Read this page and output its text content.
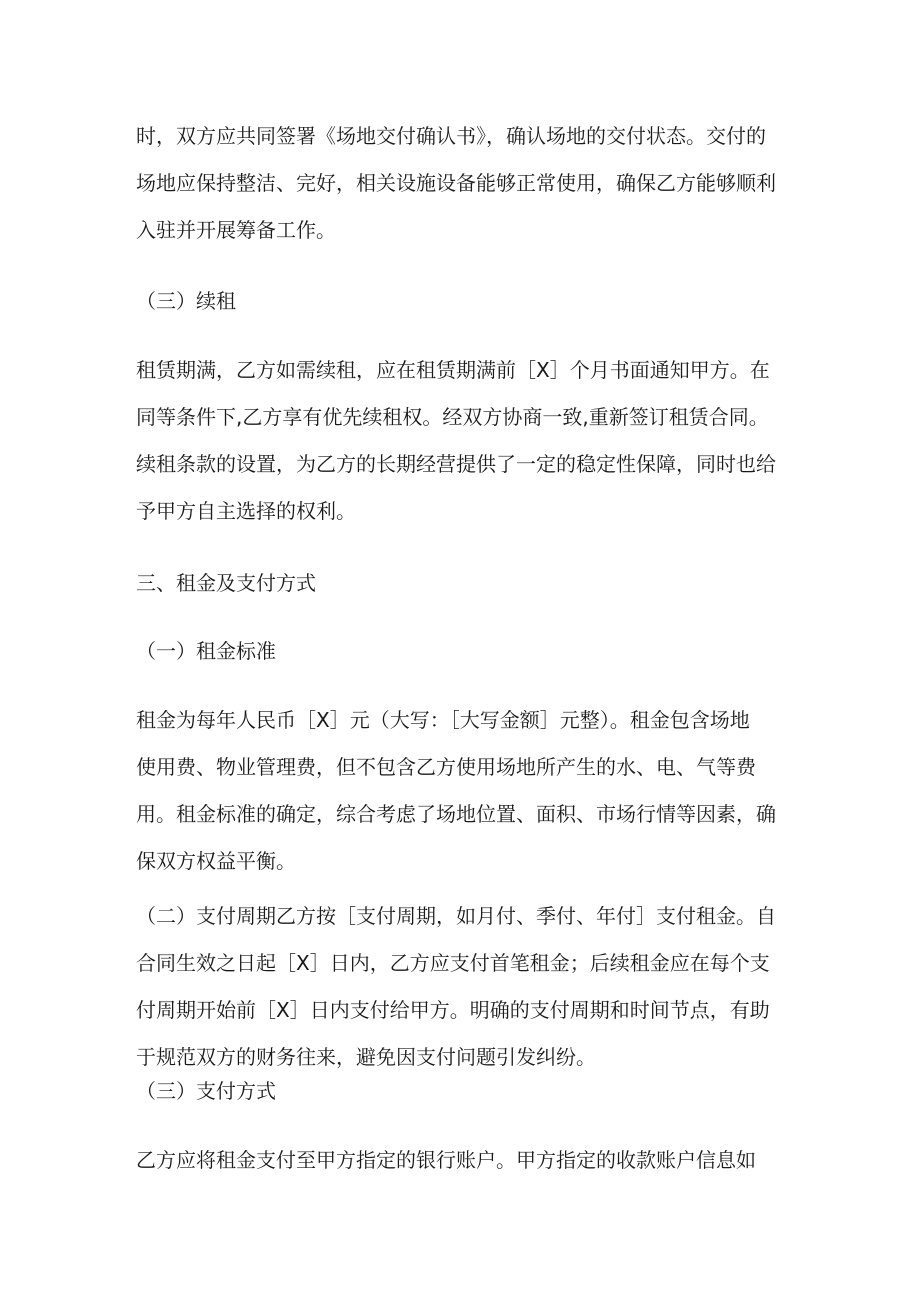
时，双方应共同签署《场地交付确认书》，确认场地的交付状态。交付的
场地应保持整洁、完好，相关设施设备能够正常使用，确保乙方能够顺利
入驻并开展筹备工作。
（三）续租
租赁期满，乙方如需续租，应在租赁期满前［X］个月书面通知甲方。在
同等条件下,乙方享有优先续租权。经双方协商一致,重新签订租赁合同。
续租条款的设置，为乙方的长期经营提供了一定的稳定性保障，同时也给
予甲方自主选择的权利。
三、租金及支付方式
（一）租金标准
租金为每年人民币［X］元（大写：［大写金额］元整）。租金包含场地
使用费、物业管理费，但不包含乙方使用场地所产生的水、电、气等费
用。租金标准的确定，综合考虑了场地位置、面积、市场行情等因素，确
保双方权益平衡。
（二）支付周期乙方按［支付周期，如月付、季付、年付］支付租金。自
合同生效之日起［X］日内，乙方应支付首笔租金；后续租金应在每个支
付周期开始前［X］日内支付给甲方。明确的支付周期和时间节点，有助
于规范双方的财务往来，避免因支付问题引发纠纷。
（三）支付方式
乙方应将租金支付至甲方指定的银行账户。甲方指定的收款账户信息如
